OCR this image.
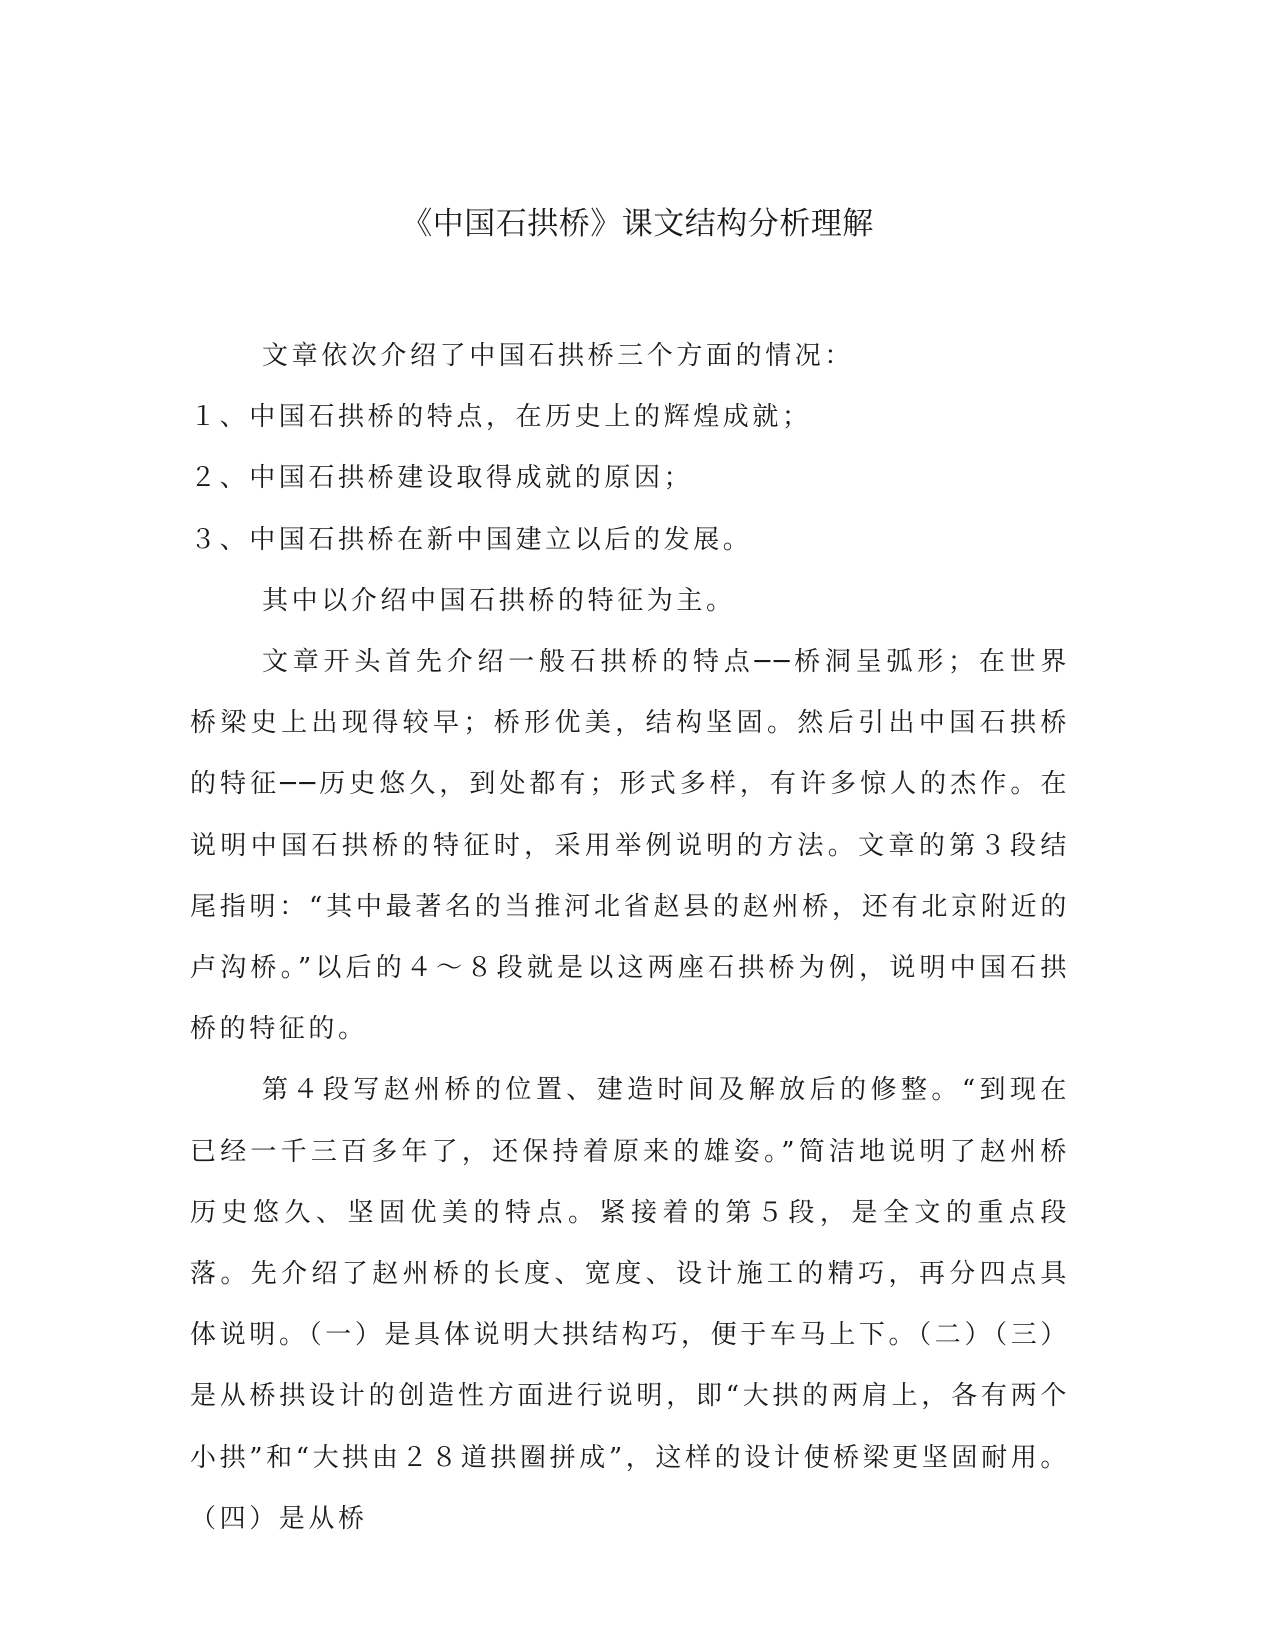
《中国石拱桥》课文结构分析理解

文章依次介绍了中国石拱桥三个方面的情况：

１、中国石拱桥的特点，在历史上的辉煌成就；

２、中国石拱桥建设取得成就的原因；

３、中国石拱桥在新中国建立以后的发展。

其中以介绍中国石拱桥的特征为主。

文章开头首先介绍一般石拱桥的特点──桥洞呈弧形；在世界桥梁史上出现得较早；桥形优美，结构坚固。然后引出中国石拱桥的特征──历史悠久，到处都有；形式多样，有许多惊人的杰作。在说明中国石拱桥的特征时，采用举例说明的方法。文章的第３段结尾指明：“其中最著名的当推河北省赵县的赵州桥，还有北京附近的卢沟桥。”以后的４～８段就是以这两座石拱桥为例，说明中国石拱桥的特征的。

第４段写赵州桥的位置、建造时间及解放后的修整。“到现在已经一千三百多年了，还保持着原来的雄姿。”简洁地说明了赵州桥历史悠久、坚固优美的特点。紧接着的第５段，是全文的重点段落。先介绍了赵州桥的长度、宽度、设计施工的精巧，再分四点具体说明。（一）是具体说明大拱结构巧，便于车马上下。（二）（三）是从桥拱设计的创造性方面进行说明，即“大拱的两肩上，各有两个小拱”和“大拱由２８道拱圈拼成”，这样的设计使桥梁更坚固耐用。（四）是从桥
